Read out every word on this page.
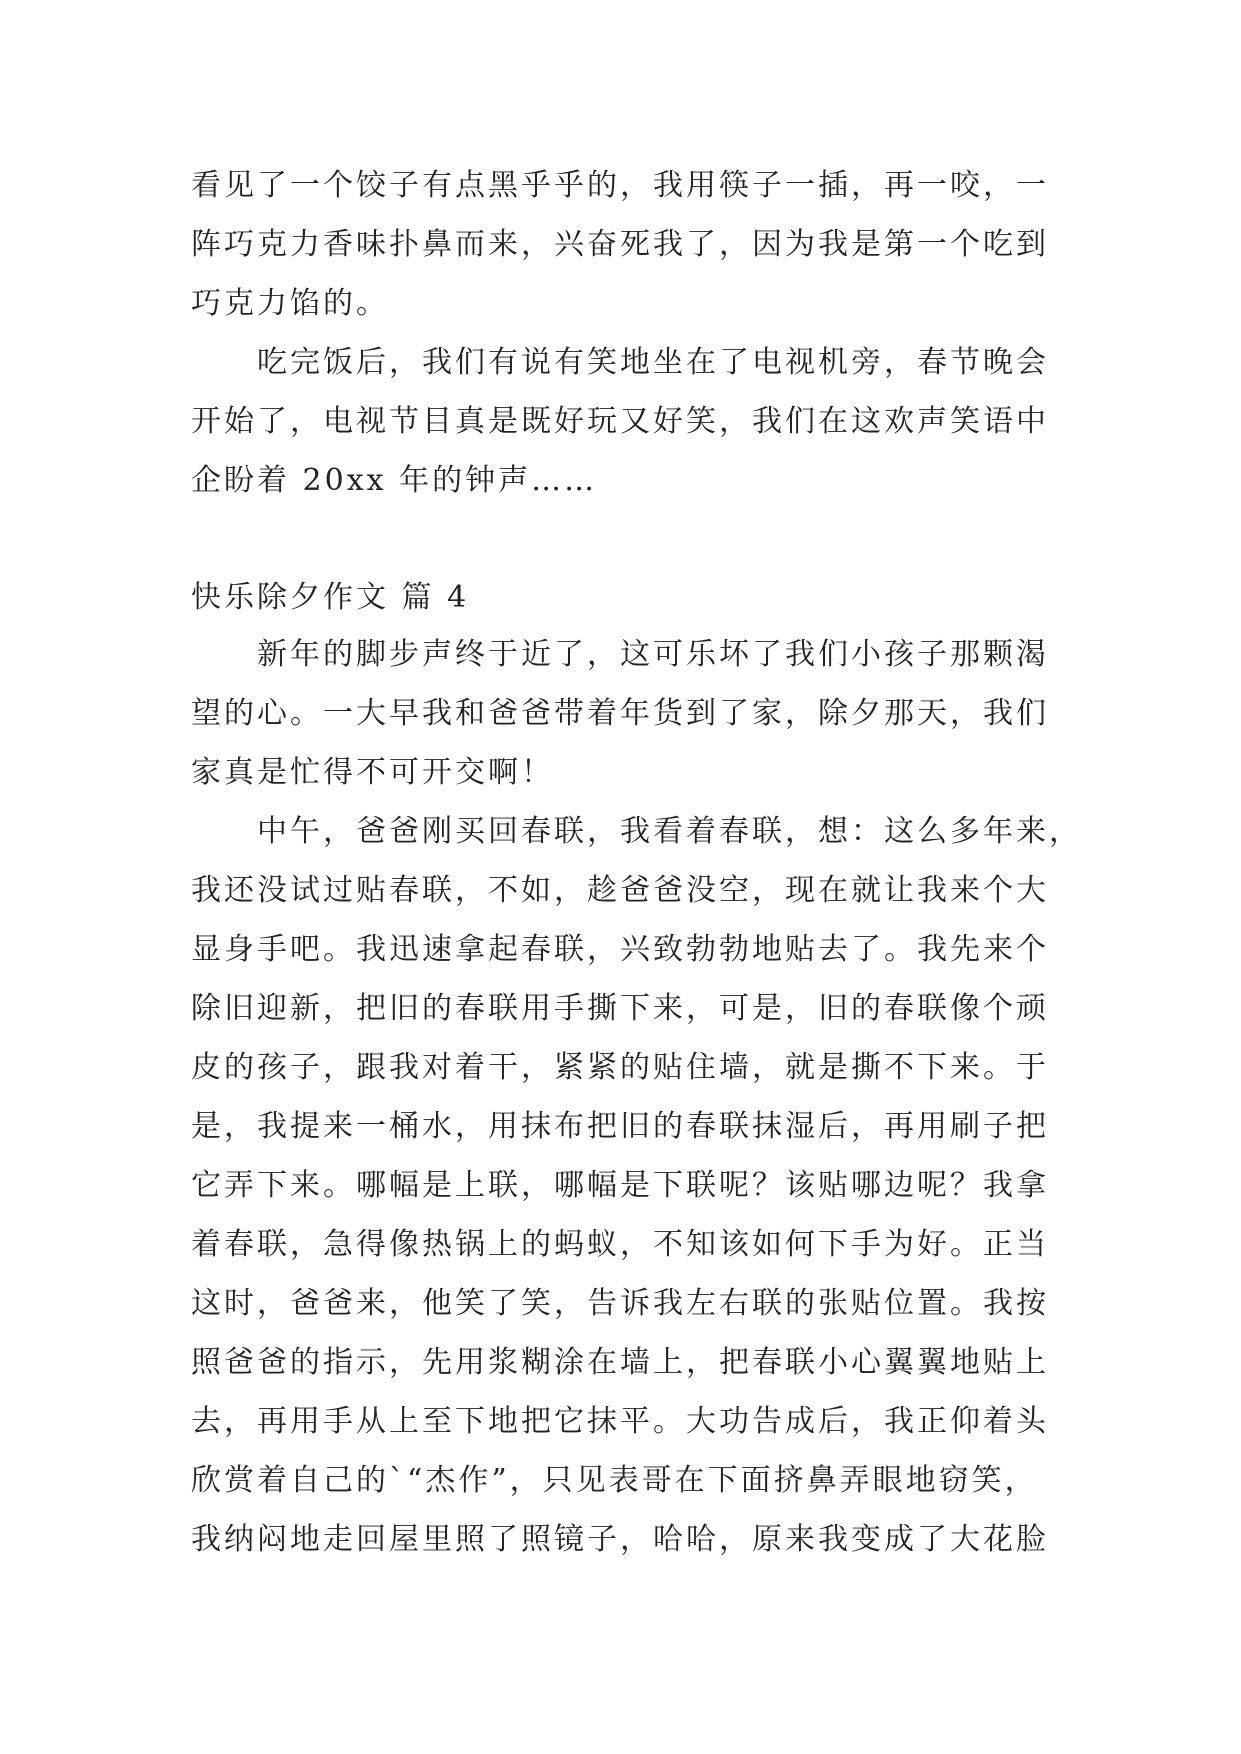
看见了一个饺子有点黑乎乎的，我用筷子一插，再一咬，一
阵巧克力香味扑鼻而来，兴奋死我了，因为我是第一个吃到
巧克力馅的。
吃完饭后，我们有说有笑地坐在了电视机旁，春节晚会
开始了，电视节目真是既好玩又好笑，我们在这欢声笑语中
企盼着 20xx 年的钟声……
快乐除夕作文 篇 4
新年的脚步声终于近了，这可乐坏了我们小孩子那颗渴
望的心。一大早我和爸爸带着年货到了家，除夕那天，我们
家真是忙得不可开交啊！
中午，爸爸刚买回春联，我看着春联，想：这么多年来，
我还没试过贴春联，不如，趁爸爸没空，现在就让我来个大
显身手吧。我迅速拿起春联，兴致勃勃地贴去了。我先来个
除旧迎新，把旧的春联用手撕下来，可是，旧的春联像个顽
皮的孩子，跟我对着干，紧紧的贴住墙，就是撕不下来。于
是，我提来一桶水，用抹布把旧的春联抹湿后，再用刷子把
它弄下来。哪幅是上联，哪幅是下联呢？该贴哪边呢？我拿
着春联，急得像热锅上的蚂蚁，不知该如何下手为好。正当
这时，爸爸来，他笑了笑，告诉我左右联的张贴位置。我按
照爸爸的指示，先用浆糊涂在墙上，把春联小心翼翼地贴上
去，再用手从上至下地把它抹平。大功告成后，我正仰着头
欣赏着自己的`“杰作”，只见表哥在下面挤鼻弄眼地窃笑，
我纳闷地走回屋里照了照镜子，哈哈，原来我变成了大花脸
